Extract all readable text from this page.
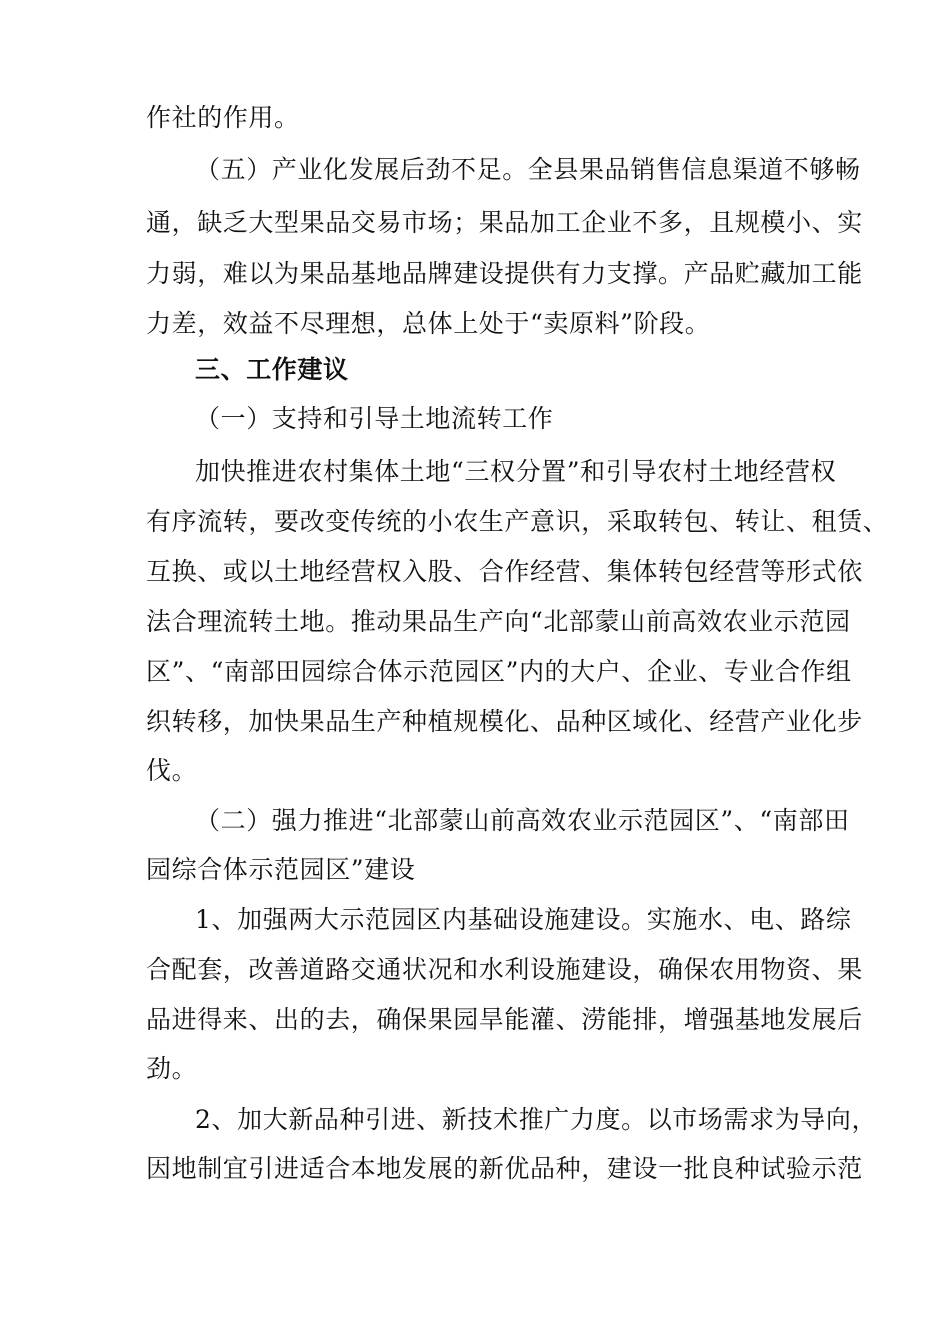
作社的作用。
（五）产业化发展后劲不足。全县果品销售信息渠道不够畅
通，缺乏大型果品交易市场；果品加工企业不多，且规模小、实
力弱，难以为果品基地品牌建设提供有力支撑。产品贮藏加工能
力差，效益不尽理想，总体上处于“卖原料”阶段。
三、工作建议
（一）支持和引导土地流转工作
加快推进农村集体土地“三权分置”和引导农村土地经营权
有序流转，要改变传统的小农生产意识，采取转包、转让、租赁、
互换、或以土地经营权入股、合作经营、集体转包经营等形式依
法合理流转土地。推动果品生产向“北部蒙山前高效农业示范园
区”、“南部田园综合体示范园区”内的大户、企业、专业合作组
织转移，加快果品生产种植规模化、品种区域化、经营产业化步
伐。
（二）强力推进“北部蒙山前高效农业示范园区”、“南部田
园综合体示范园区”建设
1、加强两大示范园区内基础设施建设。实施水、电、路综
合配套，改善道路交通状况和水利设施建设，确保农用物资、果
品进得来、出的去，确保果园旱能灌、涝能排，增强基地发展后
劲。
2、加大新品种引进、新技术推广力度。以市场需求为导向，
因地制宜引进适合本地发展的新优品种，建设一批良种试验示范
